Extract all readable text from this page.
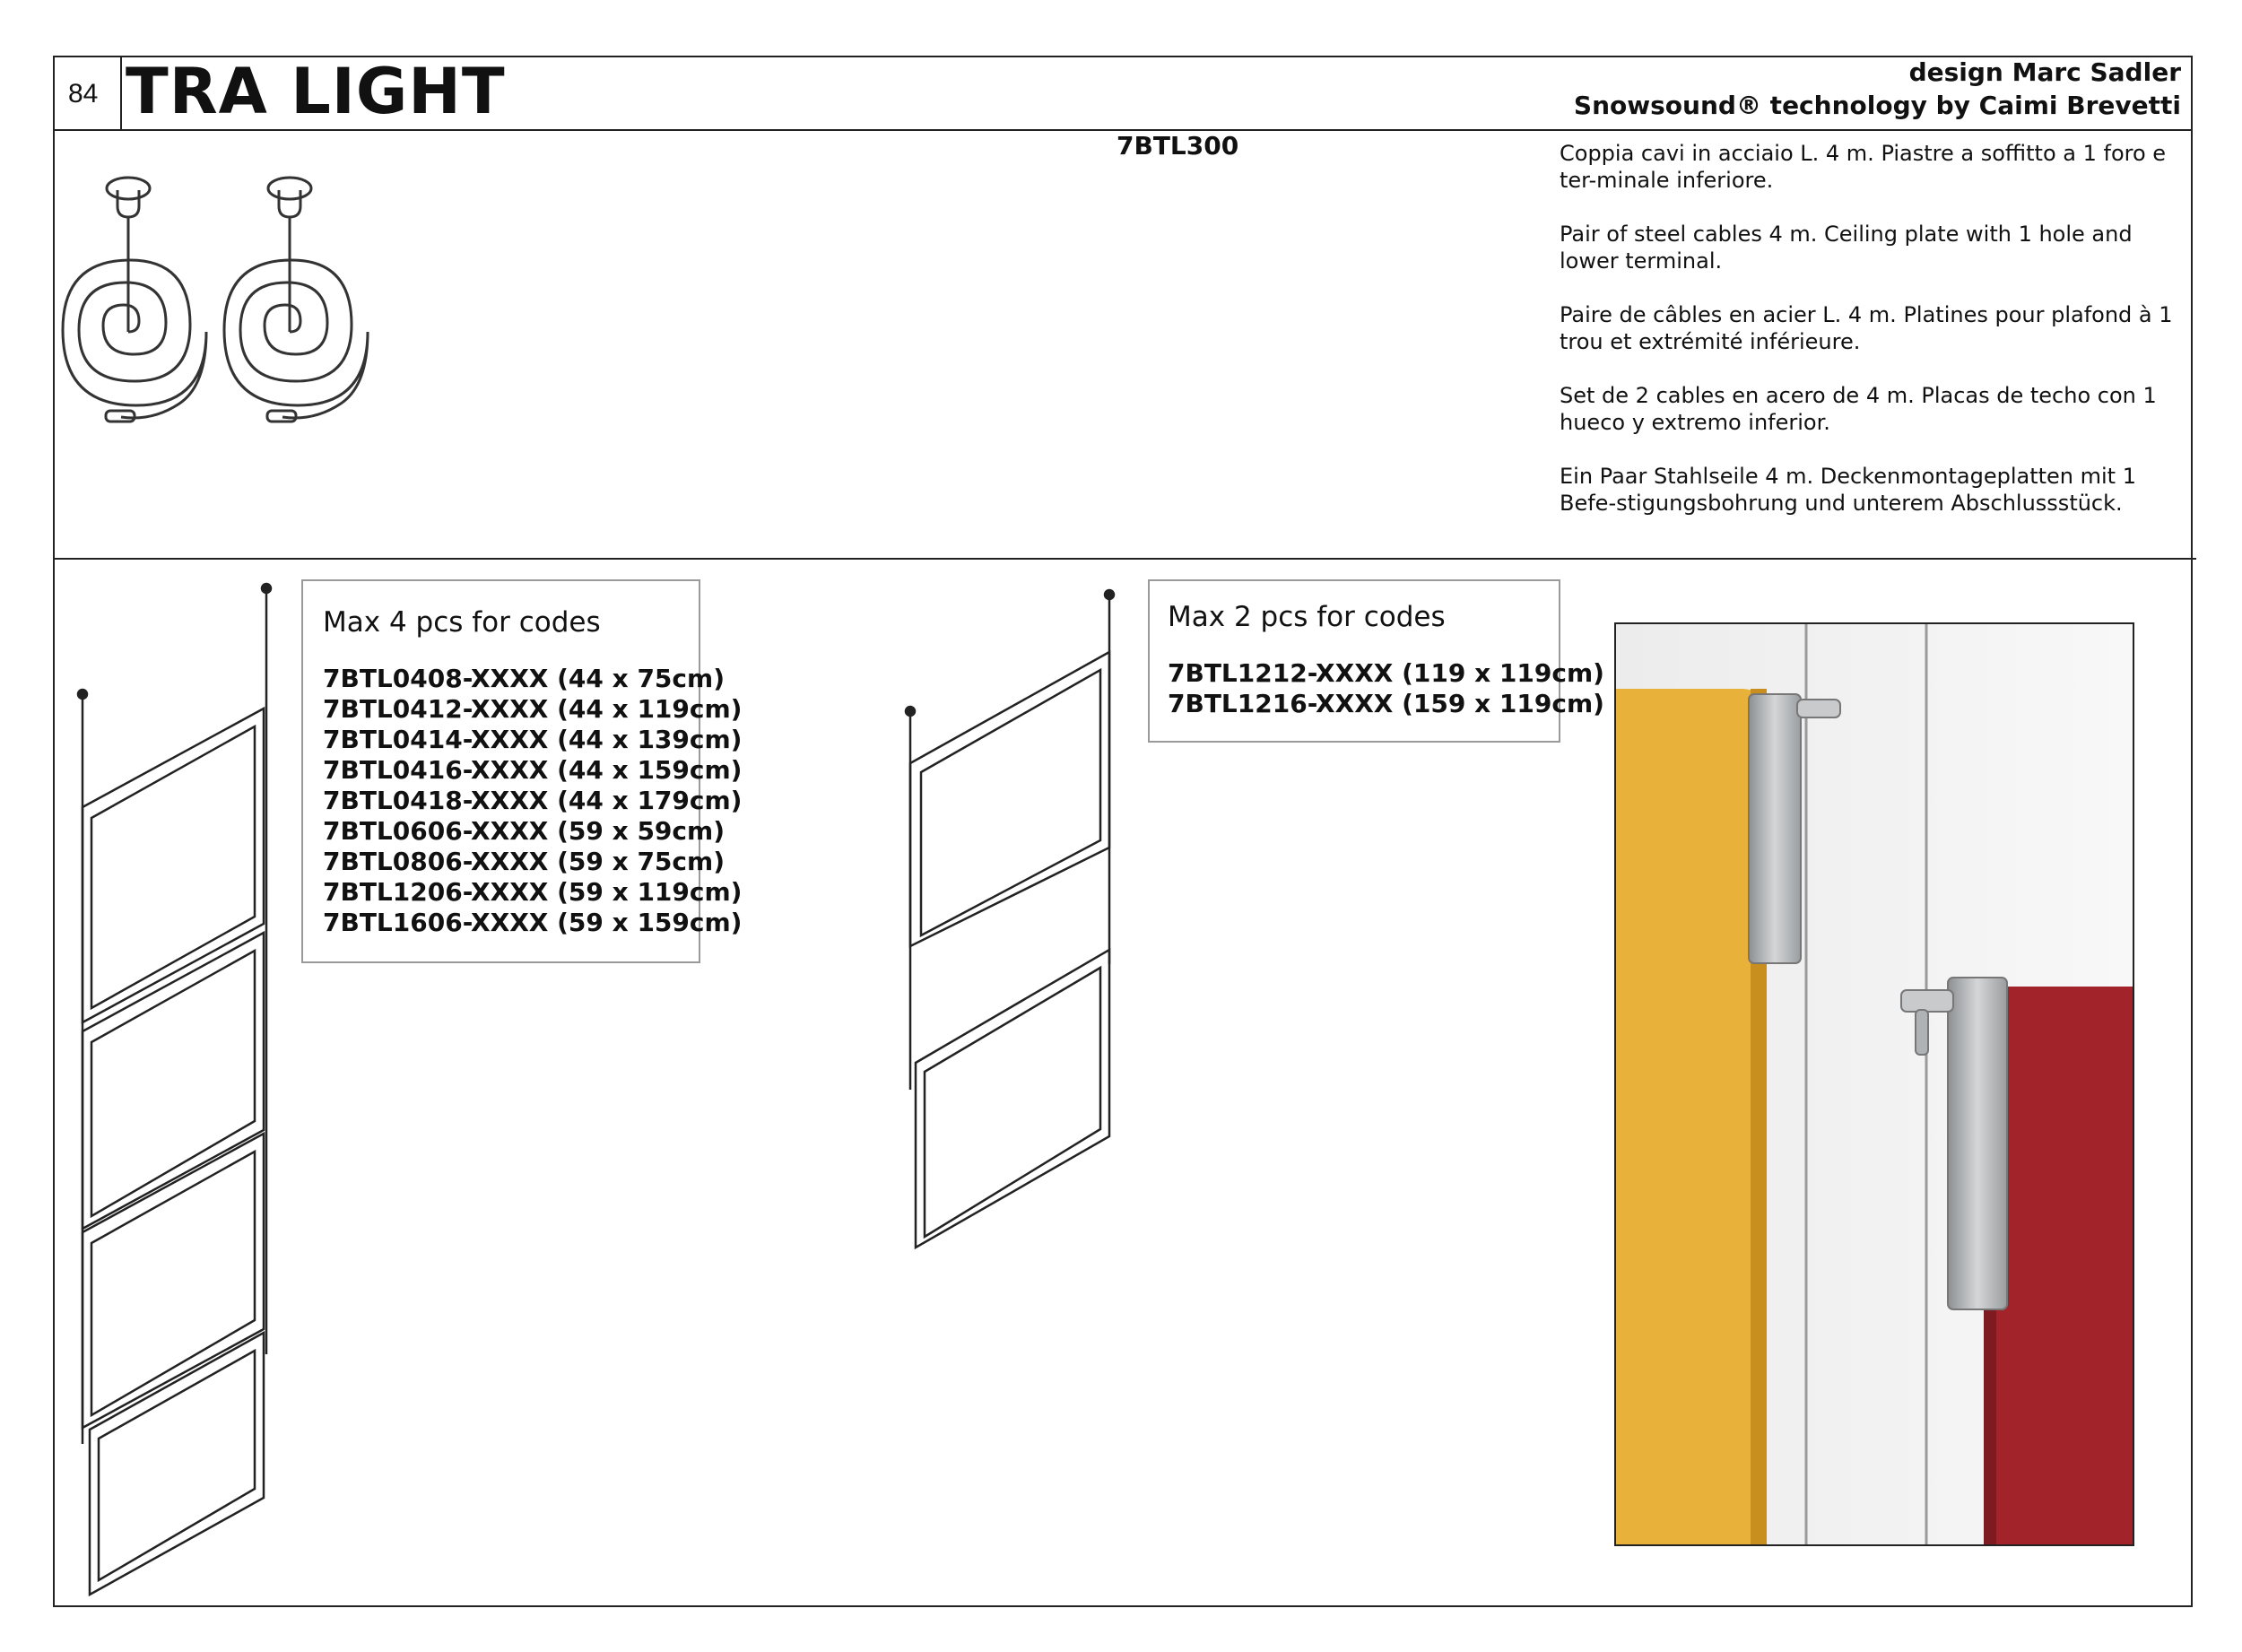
84 TRA LIGHT	design Marc Sadler
Snowsound® technology by Caimi Brevetti
7BTL300	Coppia cavi in acciaio L. 4 m. Piastre a soffitto a 1 foro e ter-minale inferiore.

Pair of steel cables 4 m. Ceiling plate with 1 hole and lower terminal.

Paire de câbles en acier L. 4 m. Platines pour plafond à 1 trou et extrémité inférieure.

Set de 2 cables en acero de 4 m. Placas de techo con 1 hueco y extremo inferior.

Ein Paar Stahlseile 4 m. Deckenmontageplatten mit 1 Befe-stigungsbohrung und unterem Abschlussstück.

Max 4 pcs for codes
7BTL0408-XXXX (44 x 75cm)
7BTL0412-XXXX (44 x 119cm)
7BTL0414-XXXX (44 x 139cm)
7BTL0416-XXXX (44 x 159cm)
7BTL0418-XXXX (44 x 179cm)
7BTL0606-XXXX (59 x 59cm)
7BTL0806-XXXX (59 x 75cm)
7BTL1206-XXXX (59 x 119cm)
7BTL1606-XXXX (59 x 159cm)
Max 2 pcs for codes
7BTL1212-XXXX (119 x 119cm)
7BTL1216-XXXX (159 x 119cm)
